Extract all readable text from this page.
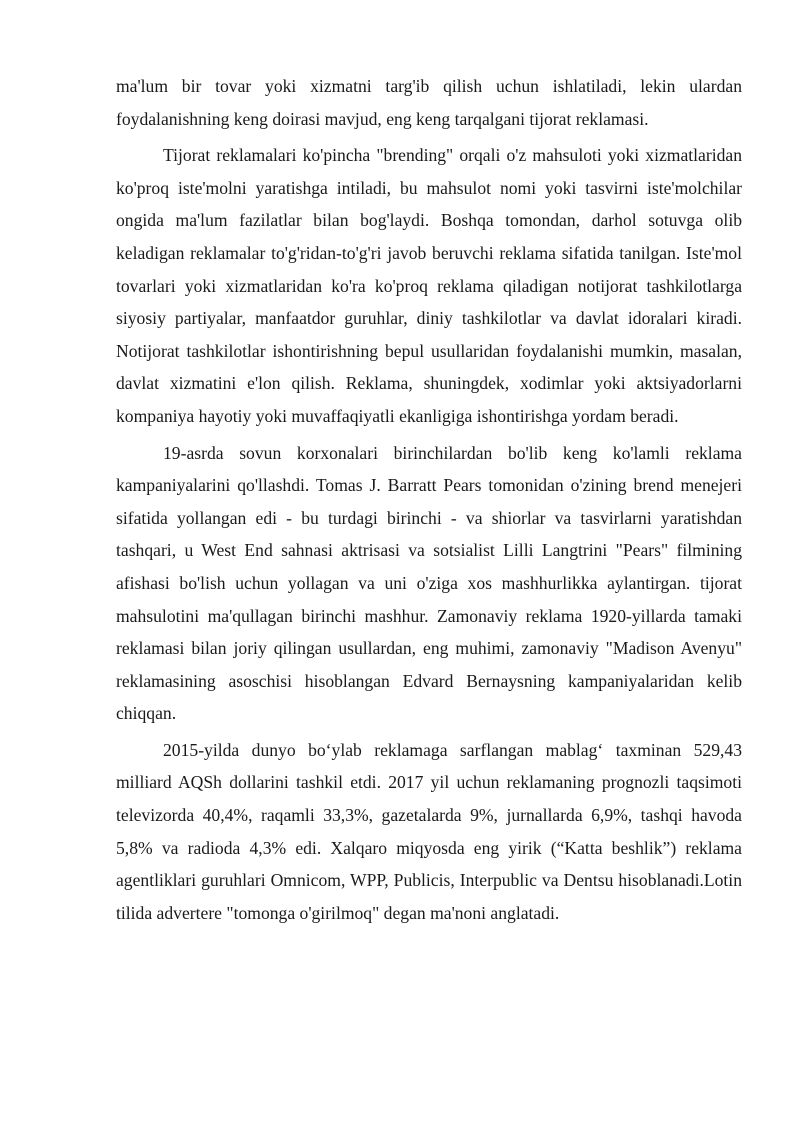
ma'lum bir tovar yoki xizmatni targ'ib qilish uchun ishlatiladi, lekin ulardan foydalanishning keng doirasi mavjud, eng keng tarqalgani tijorat reklamasi.

Tijorat reklamalari ko'pincha "brending" orqali o'z mahsuloti yoki xizmatlaridan ko'proq iste'molni yaratishga intiladi, bu mahsulot nomi yoki tasvirni iste'molchilar ongida ma'lum fazilatlar bilan bog'laydi. Boshqa tomondan, darhol sotuvga olib keladigan reklamalar to'g'ridan-to'g'ri javob beruvchi reklama sifatida tanilgan. Iste'mol tovarlari yoki xizmatlaridan ko'ra ko'proq reklama qiladigan notijorat tashkilotlarga siyosiy partiyalar, manfaatdor guruhlar, diniy tashkilotlar va davlat idoralari kiradi. Notijorat tashkilotlar ishontirishning bepul usullaridan foydalanishi mumkin, masalan, davlat xizmatini e'lon qilish. Reklama, shuningdek, xodimlar yoki aktsiyadorlarni kompaniya hayotiy yoki muvaffaqiyatli ekanligiga ishontirishga yordam beradi.

19-asrda sovun korxonalari birinchilardan bo'lib keng ko'lamli reklama kampaniyalarini qo'llashdi. Tomas J. Barratt Pears tomonidan o'zining brend menejeri sifatida yollangan edi - bu turdagi birinchi - va shiorlar va tasvirlarni yaratishdan tashqari, u West End sahnasi aktrisasi va sotsialist Lilli Langtrini "Pears" filmining afishasi bo'lish uchun yollagan va uni o'ziga xos mashhurlikka aylantirgan. tijorat mahsulotini ma'qullagan birinchi mashhur. Zamonaviy reklama 1920-yillarda tamaki reklamasi bilan joriy qilingan usullardan, eng muhimi, zamonaviy "Madison Avenyu" reklamasining asoschisi hisoblangan Edvard Bernaysning kampaniyalaridan kelib chiqqan.

2015-yilda dunyo bo‘ylab reklamaga sarflangan mablag‘ taxminan 529,43 milliard AQSh dollarini tashkil etdi. 2017 yil uchun reklamaning prognozli taqsimoti televizorda 40,4%, raqamli 33,3%, gazetalarda 9%, jurnallarda 6,9%, tashqi havoda 5,8% va radioda 4,3% edi. Xalqaro miqyosda eng yirik (“Katta beshlik”) reklama agentliklari guruhlari Omnicom, WPP, Publicis, Interpublic va Dentsu hisoblanadi.Lotin tilida advertere "tomonga o'girilmoq" degan ma'noni anglatadi.
